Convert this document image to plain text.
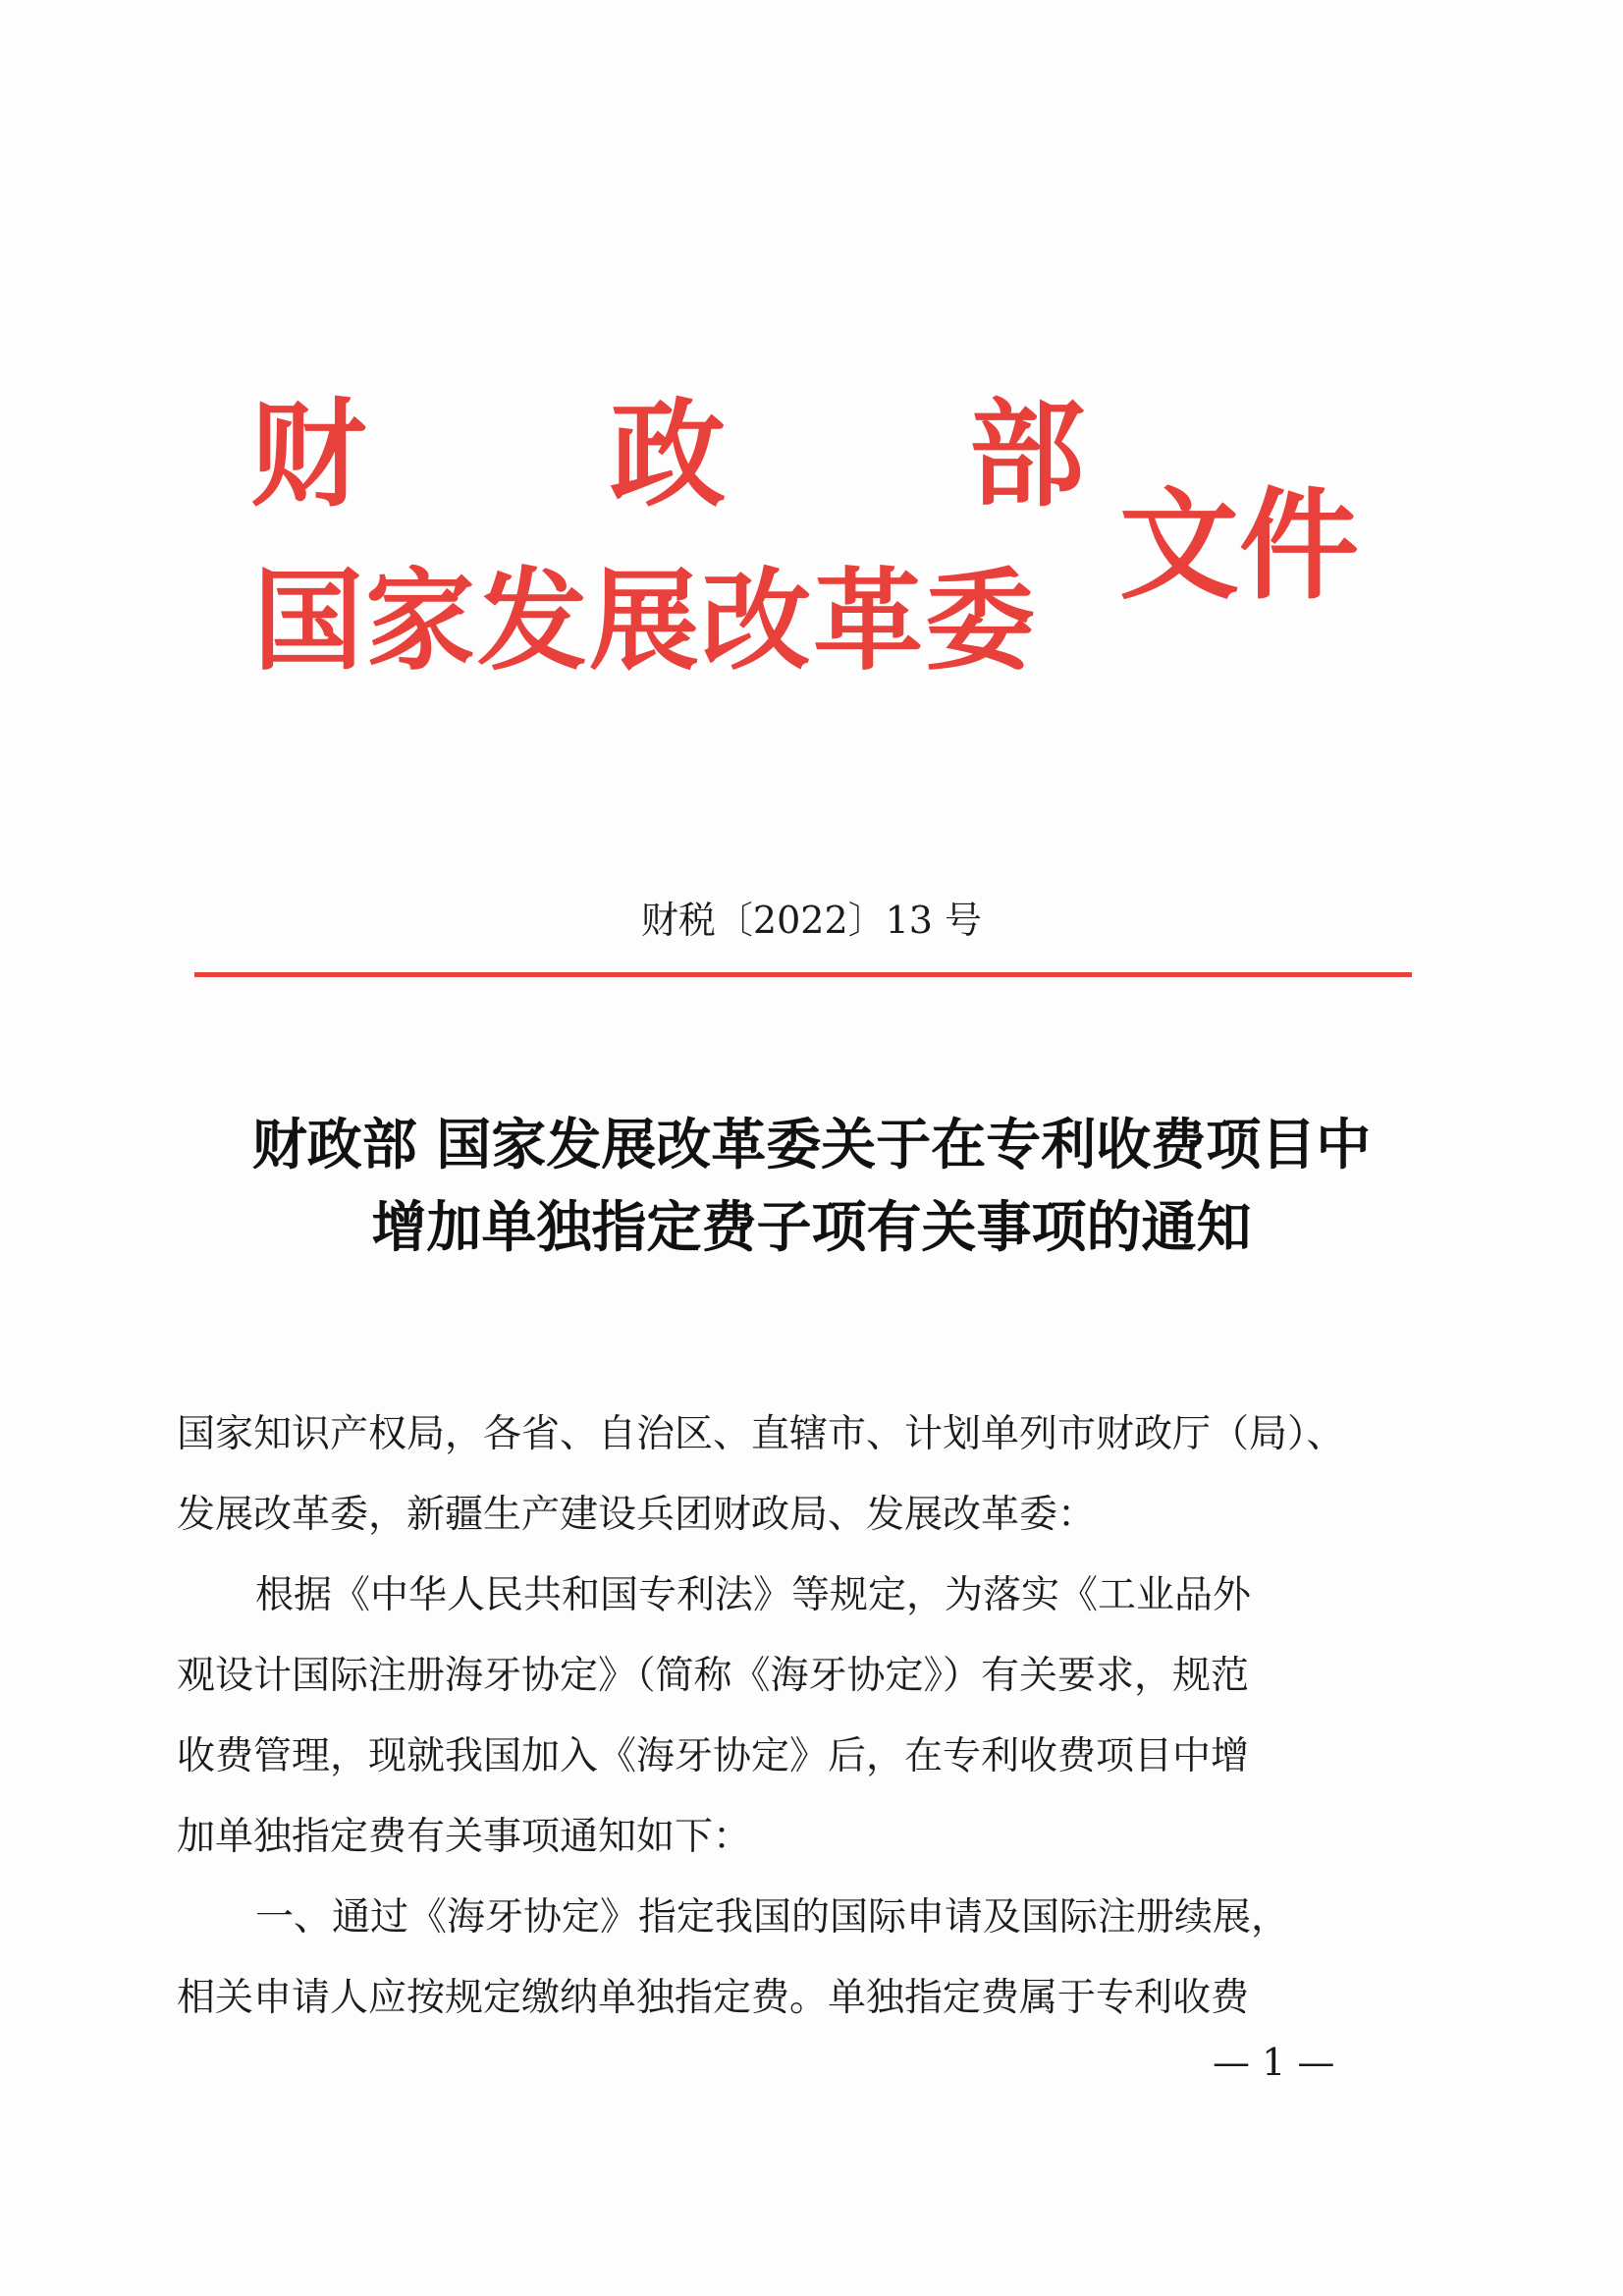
财 政 部
国家发展改革委
文件
财税〔2022〕13 号
财政部 国家发展改革委关于在专利收费项目中
增加单独指定费子项有关事项的通知
国家知识产权局，各省、自治区、直辖市、计划单列市财政厅（局）、
发展改革委，新疆生产建设兵团财政局、发展改革委：
根据《中华人民共和国专利法》等规定，为落实《工业品外
观设计国际注册海牙协定》（简称《海牙协定》）有关要求，规范
收费管理，现就我国加入《海牙协定》后，在专利收费项目中增
加单独指定费有关事项通知如下：
一、通过《海牙协定》指定我国的国际申请及国际注册续展，
相关申请人应按规定缴纳单独指定费。单独指定费属于专利收费
— 1 —
